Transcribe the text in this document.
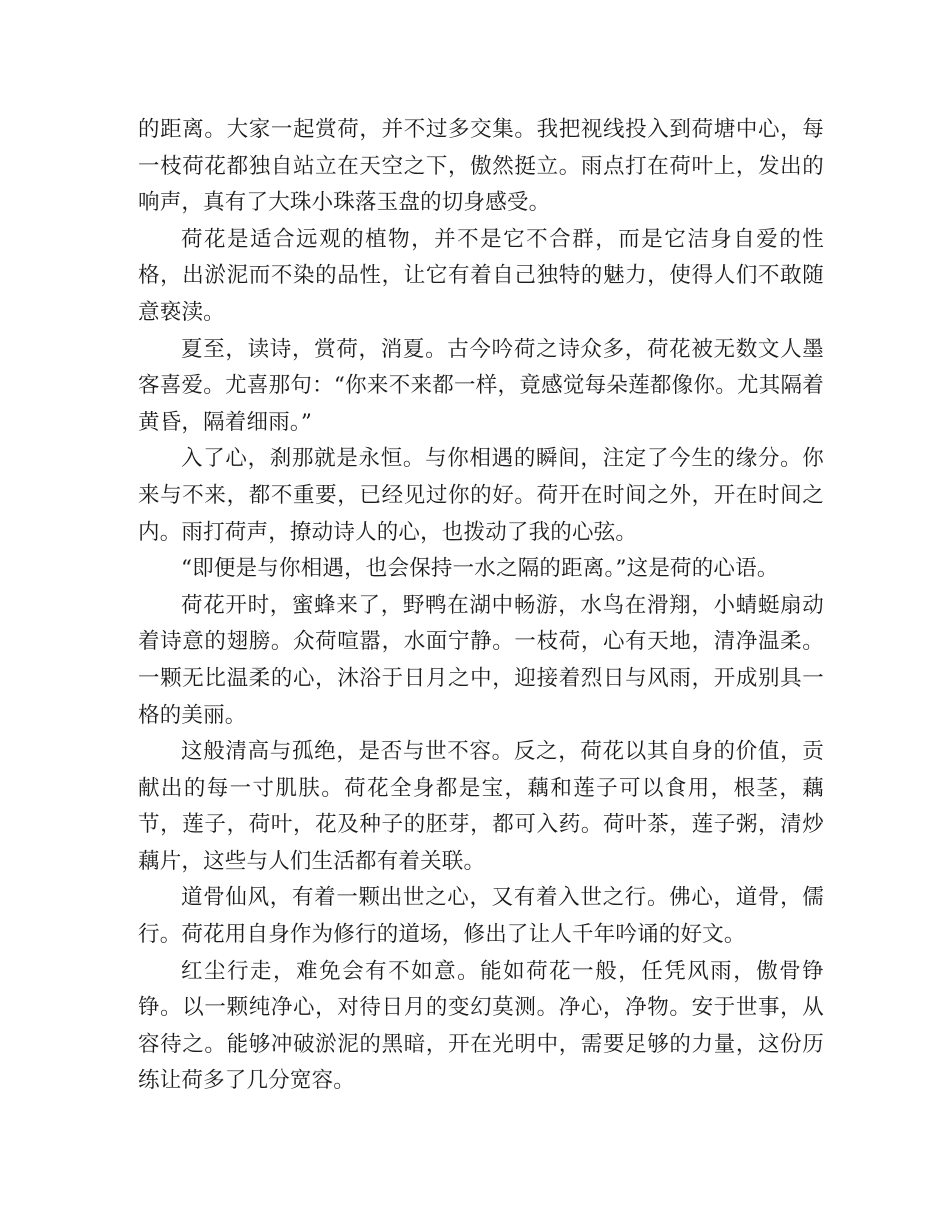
的距离。大家一起赏荷，并不过多交集。我把视线投入到荷塘中心，每一枝荷花都独自站立在天空之下，傲然挺立。雨点打在荷叶上，发出的响声，真有了大珠小珠落玉盘的切身感受。

荷花是适合远观的植物，并不是它不合群，而是它洁身自爱的性格，出淤泥而不染的品性，让它有着自己独特的魅力，使得人们不敢随意亵渎。

夏至，读诗，赏荷，消夏。古今吟荷之诗众多，荷花被无数文人墨客喜爱。尤喜那句：“你来不来都一样，竟感觉每朵莲都像你。尤其隔着黄昏，隔着细雨。”

入了心，刹那就是永恒。与你相遇的瞬间，注定了今生的缘分。你来与不来，都不重要，已经见过你的好。荷开在时间之外，开在时间之内。雨打荷声，撩动诗人的心，也拨动了我的心弦。

“即便是与你相遇，也会保持一水之隔的距离。”这是荷的心语。

荷花开时，蜜蜂来了，野鸭在湖中畅游，水鸟在滑翔，小蜻蜓扇动着诗意的翅膀。众荷喧嚣，水面宁静。一枝荷，心有天地，清净温柔。一颗无比温柔的心，沐浴于日月之中，迎接着烈日与风雨，开成别具一格的美丽。

这般清高与孤绝，是否与世不容。反之，荷花以其自身的价值，贡献出的每一寸肌肤。荷花全身都是宝，藕和莲子可以食用，根茎，藕节，莲子，荷叶，花及种子的胚芽，都可入药。荷叶茶，莲子粥，清炒藕片，这些与人们生活都有着关联。

道骨仙风，有着一颗出世之心，又有着入世之行。佛心，道骨，儒行。荷花用自身作为修行的道场，修出了让人千年吟诵的好文。

红尘行走，难免会有不如意。能如荷花一般，任凭风雨，傲骨铮铮。以一颗纯净心，对待日月的变幻莫测。净心，净物。安于世事，从容待之。能够冲破淤泥的黑暗，开在光明中，需要足够的力量，这份历练让荷多了几分宽容。
